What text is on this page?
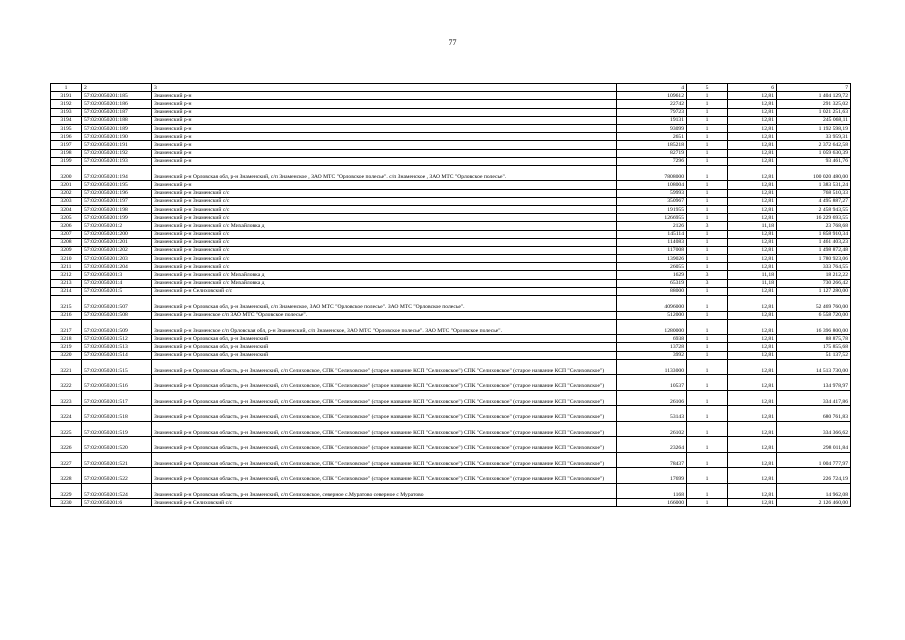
77
1	2	3	4	5	6	7
3191	57:02:0050201:185	Знаменский р-н	109612	1	12,81	1 404 129,72
3192	57:02:0050201:186	Знаменский р-н	22742	1	12,81	291 325,02
3193	57:02:0050201:187	Знаменский р-н	79723	1	12,81	1 021 251,63
3194	57:02:0050201:188	Знаменский р-н	19131	1	12,81	245 068,11
3195	57:02:0050201:189	Знаменский р-н	93099	1	12,81	1 192 598,19
3196	57:02:0050201:190	Знаменский р-н	2651	1	12,81	33 959,31
3197	57:02:0050201:191	Знаменский р-н	185218	1	12,81	2 372 642,58
3198	57:02:0050201:192	Знаменский р-н	82719	1	12,81	1 059 630,39
3199	57:02:0050201:193	Знаменский р-н	7296	1	12,81	93 461,76
3200	57:02:0050201:194	Знаменский р-н Орловская обл, р-н Знаменский, с/п Знаменское , ЗАО МТС "Орловское полесье". с/п Знаменское , ЗАО МТС "Орловское полесье".	7808000	1	12,81	100 020 480,00
3201	57:02:0050201:195	Знаменский р-н	108004	1	12,81	1 383 531,24
3202	57:02:0050201:196	Знаменский р-н Знаменский с/с	59993	1	12,81	768 510,33
3203	57:02:0050201:197	Знаменский р-н Знаменский с/с	350967	1	12,81	4 495 887,27
3204	57:02:0050201:198	Знаменский р-н Знаменский с/с	191955	1	12,81	2 458 943,55
3205	57:02:0050201:199	Знаменский р-н Знаменский с/с	1266955	1	12,81	16 229 693,55
3206	57:02:0050201:2	Знаменский р-н Знаменский с/с Михайловка д	2126	3	11,18	23 768,68
3207	57:02:0050201:200	Знаменский р-н Знаменский с/с	145114	1	12,81	1 858 910,34
3208	57:02:0050201:201	Знаменский р-н Знаменский с/с	114083	1	12,81	1 461 403,23
3209	57:02:0050201:202	Знаменский р-н Знаменский с/с	117008	1	12,81	1 498 872,48
3210	57:02:0050201:203	Знаменский р-н Знаменский с/с	139026	1	12,81	1 780 923,06
3211	57:02:0050201:204	Знаменский р-н Знаменский с/с	26055	1	12,81	333 764,55
3212	57:02:0050201:3	Знаменский р-н Знаменский с/с Михайловка д	1629	3	11,18	18 212,22
3213	57:02:0050201:4	Знаменский р-н Знаменский с/с Михайловка д	65319	3	11,18	730 266,42
3214	57:02:0050201:5	Знаменский р-н Селиховский с/с	88000	1	12,81	1 127 280,00
3215	57:02:0050201:507	Знаменский р-н Орловская обл, р-н Знаменский, с/п Знаменское, ЗАО МТС "Орловское полесье". ЗАО МТС "Орловское полесье".	4096000	1	12,81	52 469 760,00
3216	57:02:0050201:508	Знаменский р-н Знаменское с/п ЗАО МТС "Орловское полесье".	512000	1	12,81	6 558 720,00
3217	57:02:0050201:509	Знаменский р-н Знаменское с/п Орловская обл, р-н Знаменский, с/п Знаменское, ЗАО МТС "Орловское полесье". ЗАО МТС "Орловское полесье".	1280000	1	12,81	16 396 800,00
3218	57:02:0050201:512	Знаменский р-н Орловская обл, р-н Знаменский	6938	1	12,81	88 875,78
3219	57:02:0050201:513	Знаменский р-н Орловская обл, р-н Знаменский	13728	1	12,81	175 855,68
3220	57:02:0050201:514	Знаменский р-н Орловская обл, р-н Знаменский	3992	1	12,81	51 137,52
3221	57:02:0050201:515	Знаменский р-н Орловская область, р-н Знаменский, с/п Селиховское, СПК "Селиховское" (старое название КСП "Селиховское") СПК "Селиховское" (старое название КСП "Селиховское")	1133000	1	12,81	14 513 730,00
3222	57:02:0050201:516	Знаменский р-н Орловская область, р-н Знаменский, с/п Селиховское, СПК "Селиховское" (старое название КСП "Селиховское") СПК "Селиховское" (старое название КСП "Селиховское")	10537	1	12,81	134 978,97
3223	57:02:0050201:517	Знаменский р-н Орловская область, р-н Знаменский, с/п Селиховское, СПК "Селиховское" (старое название КСП "Селиховское") СПК "Селиховское" (старое название КСП "Селиховское")	26106	1	12,81	334 417,86
3224	57:02:0050201:518	Знаменский р-н Орловская область, р-н Знаменский, с/п Селиховское, СПК "Селиховское" (старое название КСП "Селиховское") СПК "Селиховское" (старое название КСП "Селиховское")	53143	1	12,81	680 761,83
3225	57:02:0050201:519	Знаменский р-н Орловская область, р-н Знаменский, с/п Селиховское, СПК "Селиховское" (старое название КСП "Селиховское") СПК "Селиховское" (старое название КСП "Селиховское")	26102	1	12,81	334 366,62
3226	57:02:0050201:520	Знаменский р-н Орловская область, р-н Знаменский, с/п Селиховское, СПК "Селиховское" (старое название КСП "Селиховское") СПК "Селиховское" (старое название КСП "Селиховское")	23264	1	12,81	298 011,84
3227	57:02:0050201:521	Знаменский р-н Орловская область, р-н Знаменский, с/п Селиховское, СПК "Селиховское" (старое название КСП "Селиховское") СПК "Селиховское" (старое название КСП "Селиховское")	78437	1	12,81	1 004 777,97
3228	57:02:0050201:522	Знаменский р-н Орловская область, р-н Знаменский, с/п Селиховское, СПК "Селиховское" (старое название КСП "Селиховское") СПК "Селиховское" (старое название КСП "Селиховское")	17699	1	12,81	226 724,19
3229	57:02:0050201:524	Знаменский р-н Орловская область, р-н Знаменский, с/п Селиховское, северное с.Муратово северное с Муратово	1168	1	12,81	14 962,08
3230	57:02:0050201:6	Знаменский р-н Селиховский с/с	166000	1	12,81	2 126 460,00
